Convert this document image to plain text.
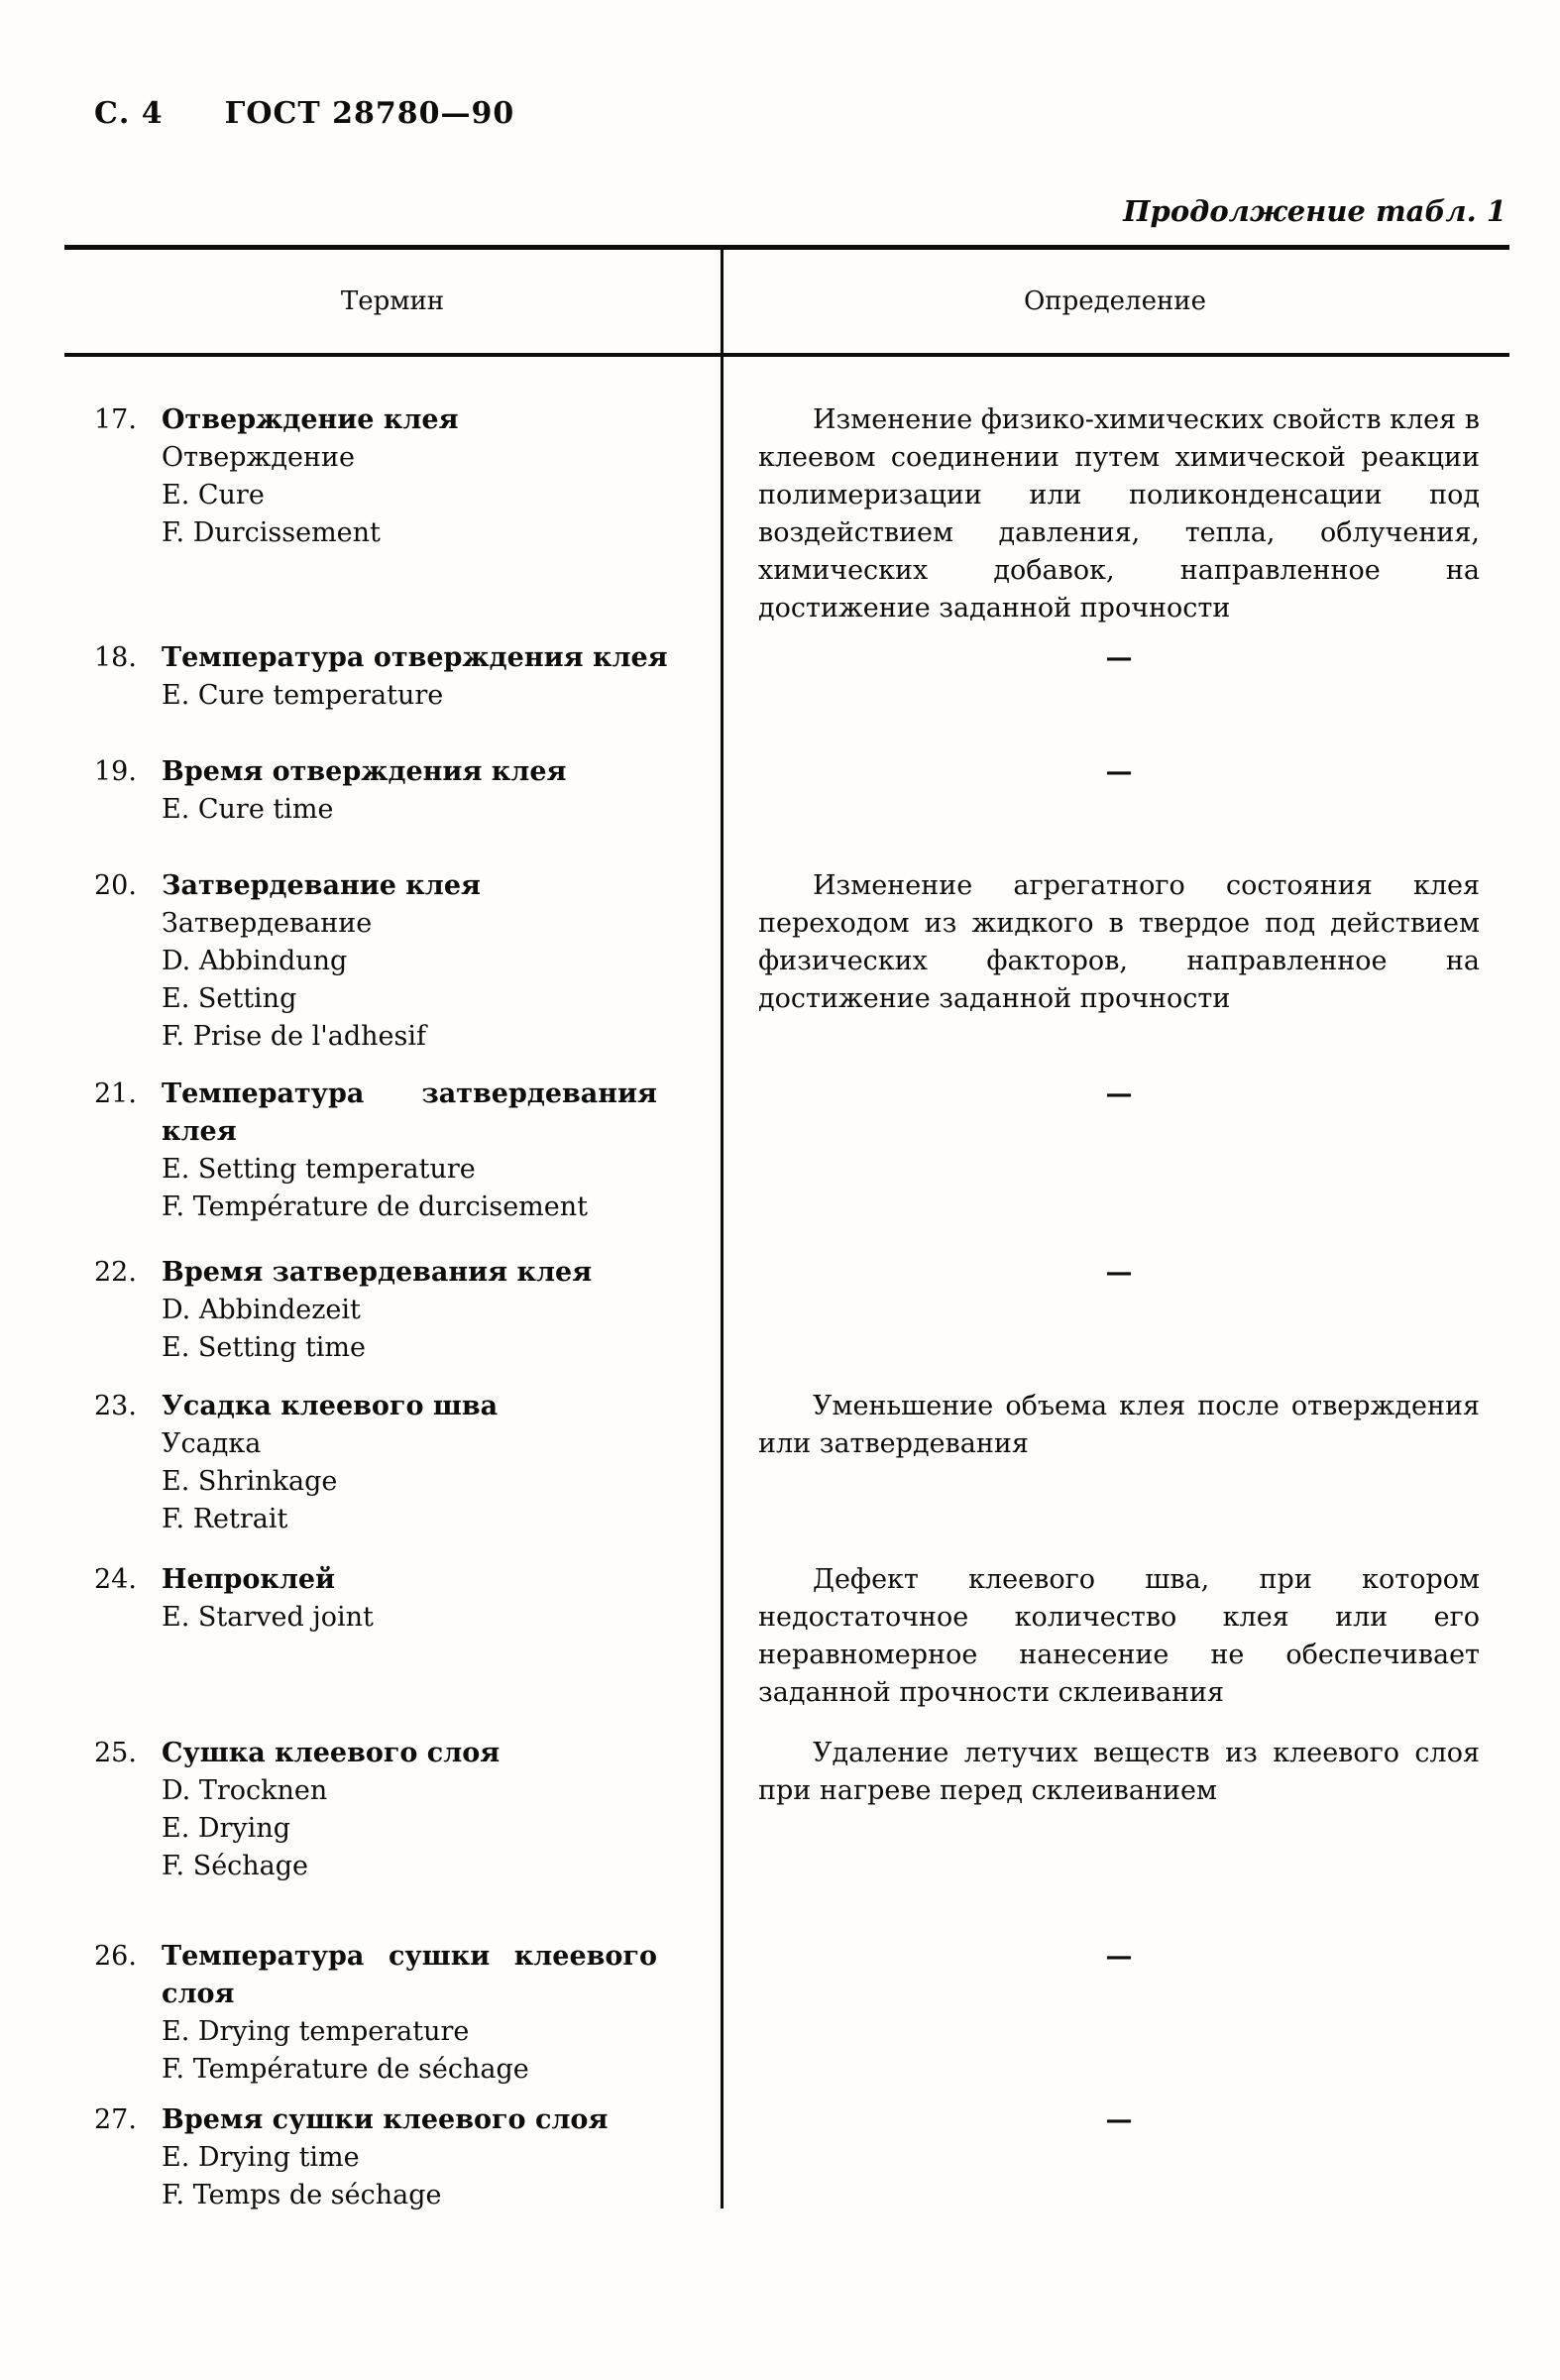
С. 4 ГОСТ 28780—90
Продолжение табл. 1
Термин	Определение
17. Отверждение клея
Отверждение
E. Cure
F. Durcissement
Изменение физико-химических свойств клея в клеевом соединении путем химической реакции полимеризации или поликонденсации под воздействием давления, тепла, облучения, химических добавок, направленное на достижение заданной прочности
18. Температура отверждения клея
E. Cure temperature
—
19. Время отверждения клея
E. Cure time
—
20. Затвердевание клея
Затвердевание
D. Abbindung
E. Setting
F. Prise de l'adhesif
Изменение агрегатного состояния клея переходом из жидкого в твердое под действием физических факторов, направленное на достижение заданной прочности
21. Температура затвердевания
клея
E. Setting temperature
F. Température de durcisement
—
22. Время затвердевания клея
D. Abbindezeit
E. Setting time
—
23. Усадка клеевого шва
Усадка
E. Shrinkage
F. Retrait
Уменьшение объема клея после отверждения или затвердевания
24. Непроклей
E. Starved joint
Дефект клеевого шва, при котором недостаточное количество клея или его неравномерное нанесение не обеспечивает заданной прочности склеивания
25. Сушка клеевого слоя
D. Trocknen
E. Drying
F. Séchage
Удаление летучих веществ из клеевого слоя при нагреве перед склеиванием
26. Температура сушки клеевого
слоя
E. Drying temperature
F. Température de séchage
—
27. Время сушки клеевого слоя
E. Drying time
F. Temps de séchage
—
